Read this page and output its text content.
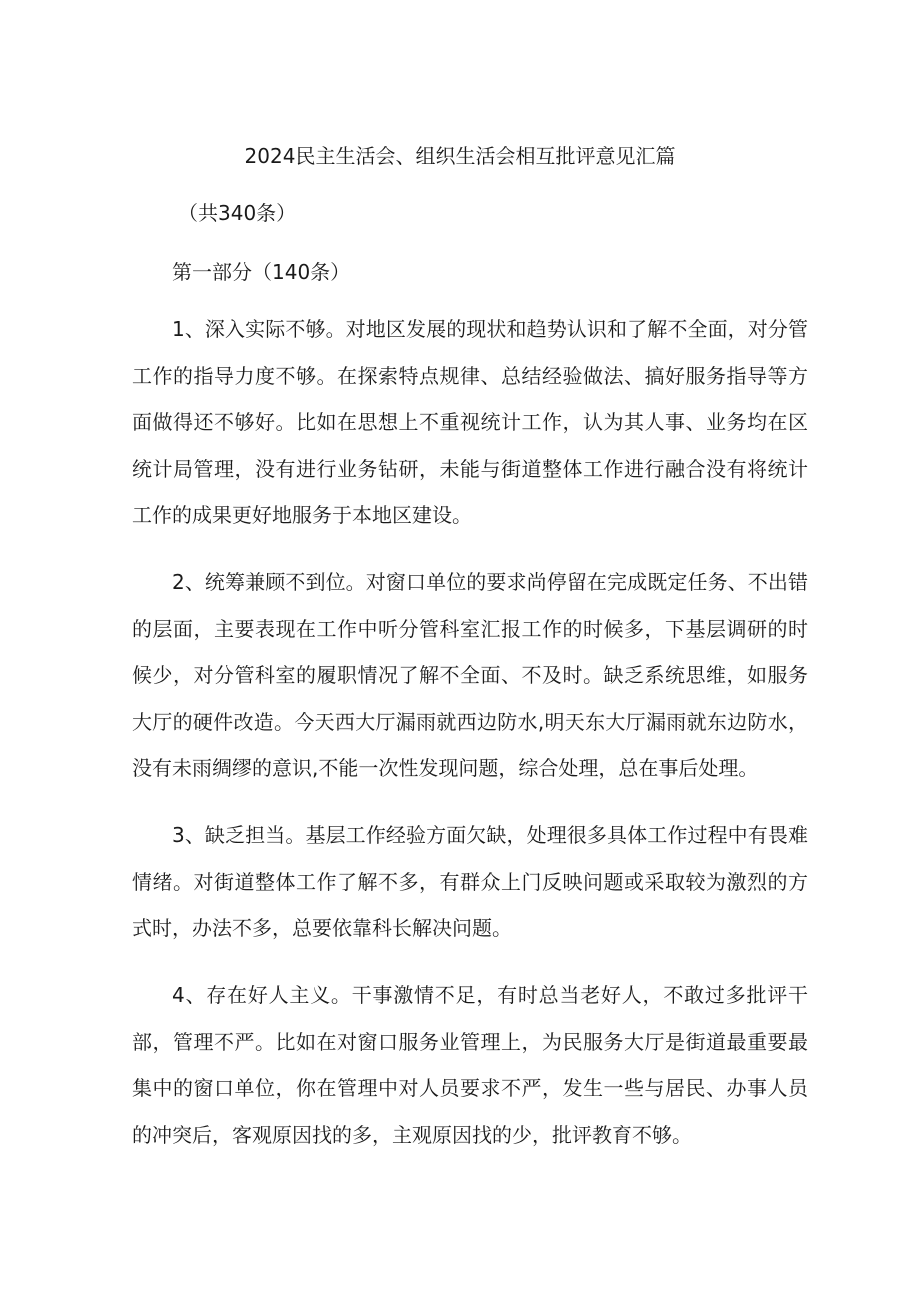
2024民主生活会、组织生活会相互批评意见汇篇
（共340条）
第一部分（140条）

1、深入实际不够。对地区发展的现状和趋势认识和了解不全面，对分管工作的指导力度不够。在探索特点规律、总结经验做法、搞好服务指导等方面做得还不够好。比如在思想上不重视统计工作，认为其人事、业务均在区统计局管理，没有进行业务钻研，未能与街道整体工作进行融合没有将统计工作的成果更好地服务于本地区建设。

2、统筹兼顾不到位。对窗口单位的要求尚停留在完成既定任务、不出错的层面，主要表现在工作中听分管科室汇报工作的时候多，下基层调研的时候少，对分管科室的履职情况了解不全面、不及时。缺乏系统思维，如服务大厅的硬件改造。今天西大厅漏雨就西边防水,明天东大厅漏雨就东边防水，没有未雨绸缪的意识,不能一次性发现问题，综合处理，总在事后处理。

3、缺乏担当。基层工作经验方面欠缺，处理很多具体工作过程中有畏难情绪。对街道整体工作了解不多，有群众上门反映问题或采取较为激烈的方式时，办法不多，总要依靠科长解决问题。

4、存在好人主义。干事激情不足，有时总当老好人，不敢过多批评干部，管理不严。比如在对窗口服务业管理上，为民服务大厅是街道最重要最集中的窗口单位，你在管理中对人员要求不严，发生一些与居民、办事人员的冲突后，客观原因找的多，主观原因找的少，批评教育不够。
